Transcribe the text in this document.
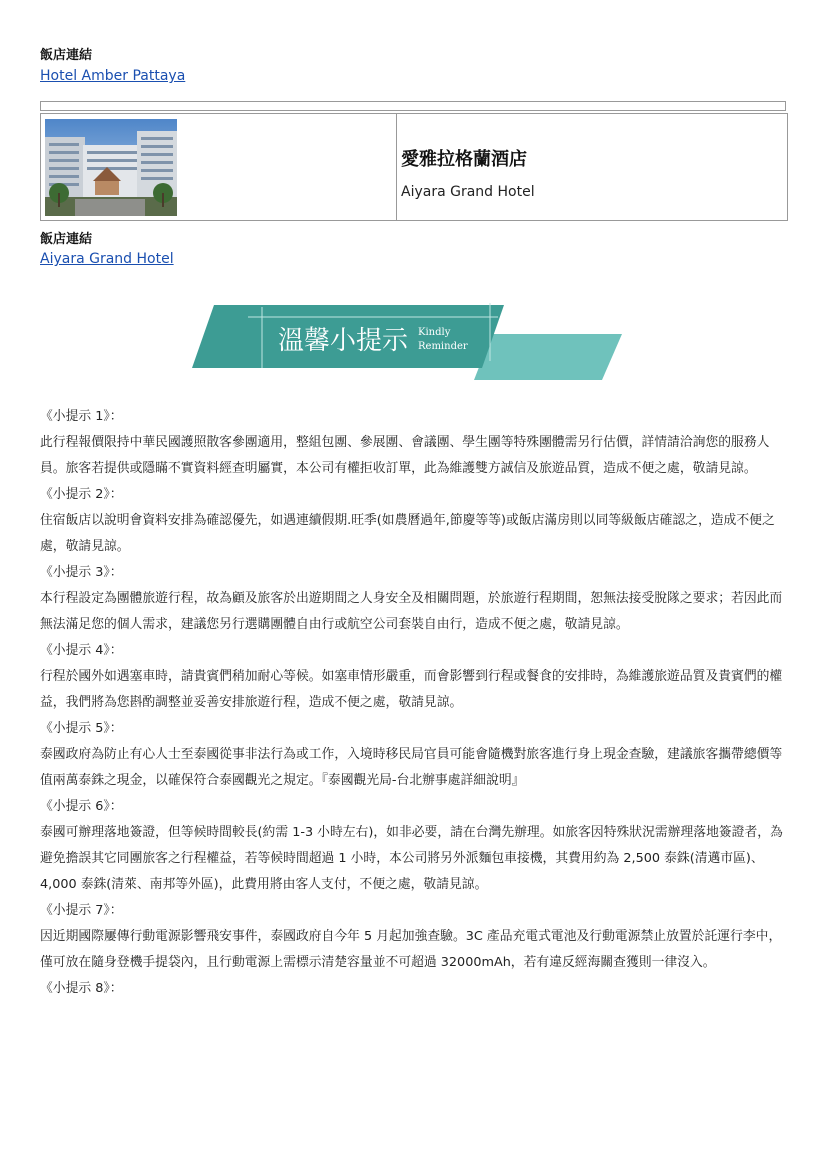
飯店連結
Hotel Amber Pattaya
愛雅拉格蘭酒店
Aiyara Grand Hotel
飯店連結
Aiyara Grand Hotel
溫馨小提示 Kindly
Reminder

《小提示 1》：
此行程報價限持中華民國護照散客參團適用，整組包團、參展團、會議團、學生團等特殊團體需另行估價，詳情請洽詢您的服務人員。旅客若提供或隱瞞不實資料經查明屬實，本公司有權拒收訂單，此為維護雙方誠信及旅遊品質，造成不便之處，敬請見諒。

《小提示 2》：
住宿飯店以說明會資料安排為確認優先，如遇連續假期.旺季(如農曆過年,節慶等等)或飯店滿房則以同等級飯店確認之，造成不便之處，敬請見諒。

《小提示 3》：
本行程設定為團體旅遊行程，故為顧及旅客於出遊期間之人身安全及相關問題，於旅遊行程期間，恕無法接受脫隊之要求；若因此而無法滿足您的個人需求，建議您另行選購團體自由行或航空公司套裝自由行，造成不便之處，敬請見諒。

《小提示 4》：
行程於國外如遇塞車時，請貴賓們稍加耐心等候。如塞車情形嚴重，而會影響到行程或餐食的安排時，為維護旅遊品質及貴賓們的權益，我們將為您斟酌調整並妥善安排旅遊行程，造成不便之處，敬請見諒。

《小提示 5》：
泰國政府為防止有心人士至泰國從事非法行為或工作，入境時移民局官員可能會隨機對旅客進行身上現金查驗，建議旅客攜帶總價等值兩萬泰銖之現金，以確保符合泰國觀光之規定。『泰國觀光局-台北辦事處詳細說明』

《小提示 6》：
泰國可辦理落地簽證，但等候時間較長(約需 1-3 小時左右)，如非必要，請在台灣先辦理。如旅客因特殊狀況需辦理落地簽證者，為避免擔誤其它同團旅客之行程權益，若等候時間超過 1 小時，本公司將另外派麵包車接機，其費用約為 2,500 泰銖(清邁市區)、4,000 泰銖(清萊、南邦等外區)，此費用將由客人支付，不便之處，敬請見諒。

《小提示 7》：
因近期國際屢傳行動電源影響飛安事件，泰國政府自今年 5 月起加強查驗。3C 產品充電式電池及行動電源禁止放置於託運行李中，僅可放在隨身登機手提袋內，且行動電源上需標示清楚容量並不可超過 32000mAh，若有違反經海關查獲則一律沒入。

《小提示 8》：
